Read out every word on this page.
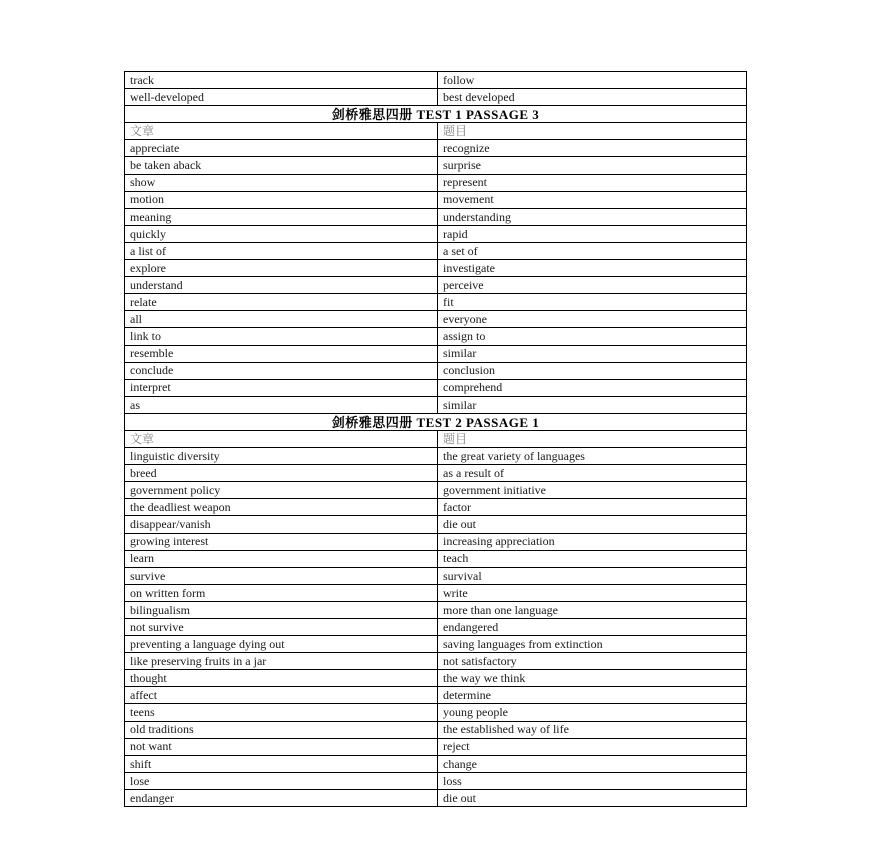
track	follow
well-developed	best developed
剑桥雅思四册 TEST 1 PASSAGE 3	
文章	题目
appreciate	recognize
be taken aback	surprise
show	represent
motion	movement
meaning	understanding
quickly	rapid
a list of	a set of
explore	investigate
understand	perceive
relate	fit
all	everyone
link to	assign to
resemble	similar
conclude	conclusion
interpret	comprehend
as	similar
剑桥雅思四册 TEST 2 PASSAGE 1	
文章	题目
linguistic diversity	the great variety of languages
breed	as a result of
government policy	government initiative
the deadliest weapon	factor
disappear/vanish	die out
growing interest	increasing appreciation
learn	teach
survive	survival
on written form	write
bilingualism	more than one language
not survive	endangered
preventing a language dying out	saving languages from extinction
like preserving fruits in a jar	not satisfactory
thought	the way we think
affect	determine
teens	young people
old traditions	the established way of life
not want	reject
shift	change
lose	loss
endanger	die out
